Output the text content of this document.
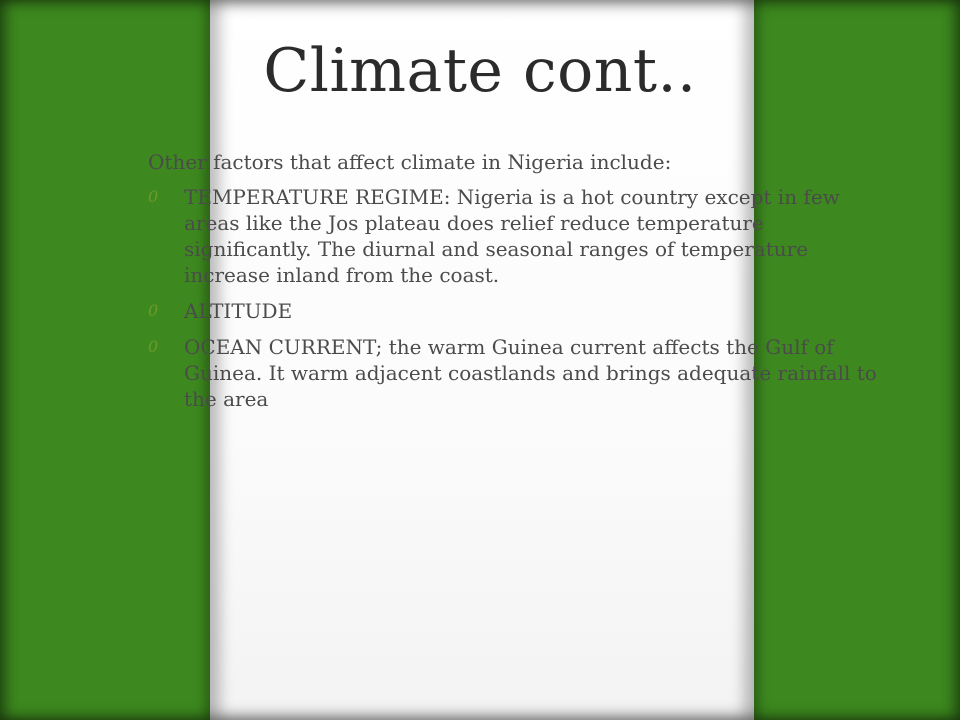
Climate cont..

Other factors that affect climate in Nigeria include:

0	TEMPERATURE REGIME: Nigeria is a hot country except in few areas like the Jos plateau does relief reduce temperature significantly. The diurnal and seasonal ranges of temperature increase inland from the coast.
0	ALTITUDE
0	OCEAN CURRENT; the warm Guinea current affects the Gulf of Guinea. It warm adjacent coastlands and brings adequate rainfall to the area
